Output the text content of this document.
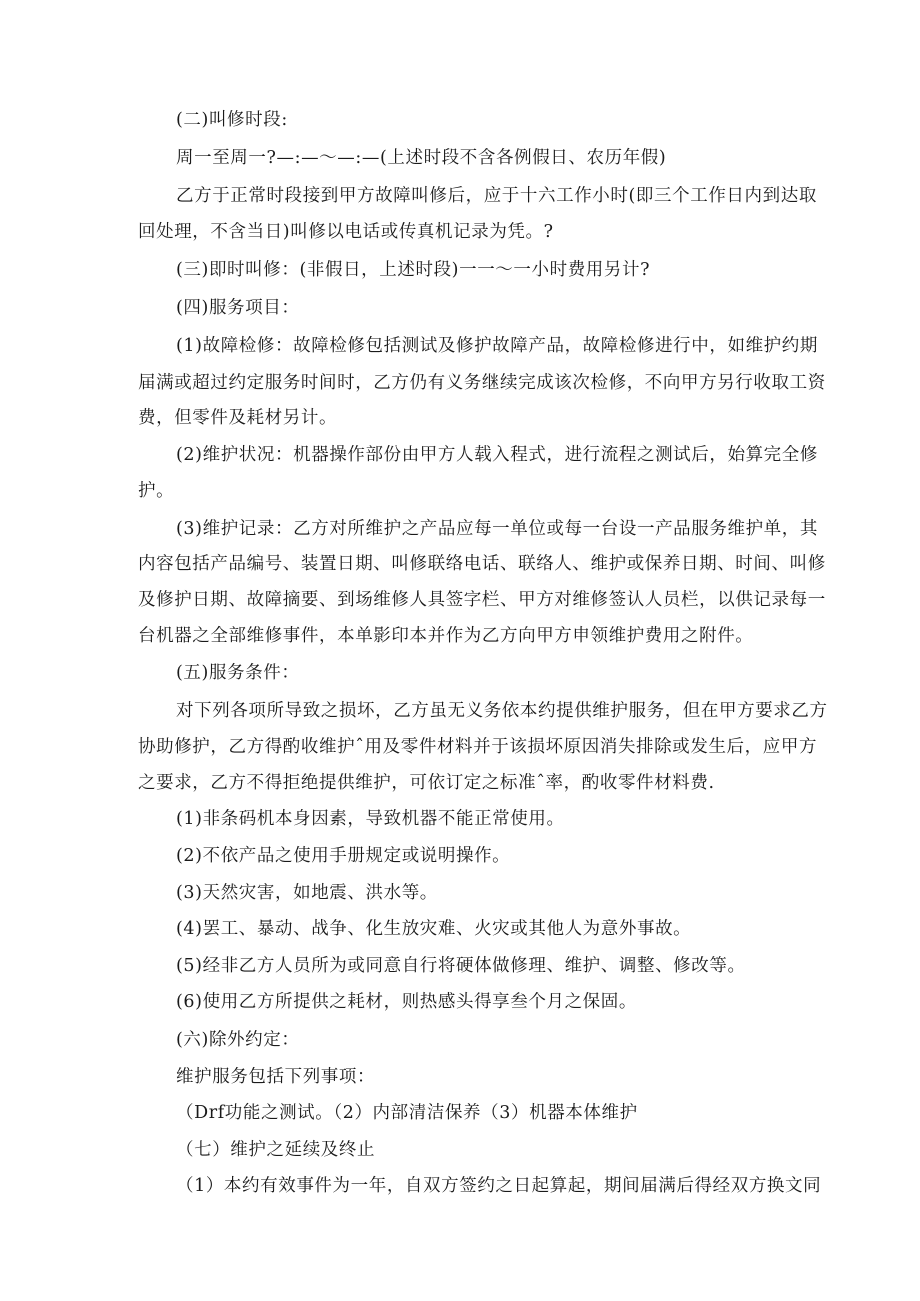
(二)叫修时段:

周一至周一?—:—～—:—(上述时段不含各例假日、农历年假)

乙方于正常时段接到甲方故障叫修后，应于十六工作小时(即三个工作日内到达取

回处理，不含当日)叫修以电话或传真机记录为凭。?

(三)即时叫修：(非假日，上述时段)一一～一小时费用另计?

(四)服务项目：

(1)故障检修：故障检修包括测试及修护故障产品，故障检修进行中，如维护约期

届满或超过约定服务时间时，乙方仍有义务继续完成该次检修，不向甲方另行收取工资

费，但零件及耗材另计。

(2)维护状况：机器操作部份由甲方人载入程式，进行流程之测试后，始算完全修

护。

(3)维护记录：乙方对所维护之产品应每一单位或每一台设一产品服务维护单，其

内容包括产品编号、装置日期、叫修联络电话、联络人、维护或保养日期、时间、叫修

及修护日期、故障摘要、到场维修人具签字栏、甲方对维修签认人员栏，以供记录每一

台机器之全部维修事件，本单影印本并作为乙方向甲方申领维护费用之附件。

(五)服务条件：

对下列各项所导致之损坏，乙方虽无义务依本约提供维护服务，但在甲方要求乙方

协助修护，乙方得酌收维护ˆ用及零件材料并于该损坏原因消失排除或发生后，应甲方

之要求，乙方不得拒绝提供维护，可依订定之标准ˆ率，酌收零件材料费.

(1)非条码机本身因素，导致机器不能正常使用。

(2)不依产品之使用手册规定或说明操作。

(3)天然灾害，如地震、洪水等。

(4)罢工、暴动、战争、化生放灾难、火灾或其他人为意外事故。

(5)经非乙方人员所为或同意自行将硬体做修理、维护、调整、修改等。

(6)使用乙方所提供之耗材，则热感头得享叁个月之保固。

(六)除外约定：

维护服务包括下列事项：

（Drf功能之测试。（2）内部清洁保养（3）机器本体维护

（七）维护之延续及终止

（1）本约有效事件为一年，自双方签约之日起算起，期间届满后得经双方换文同
